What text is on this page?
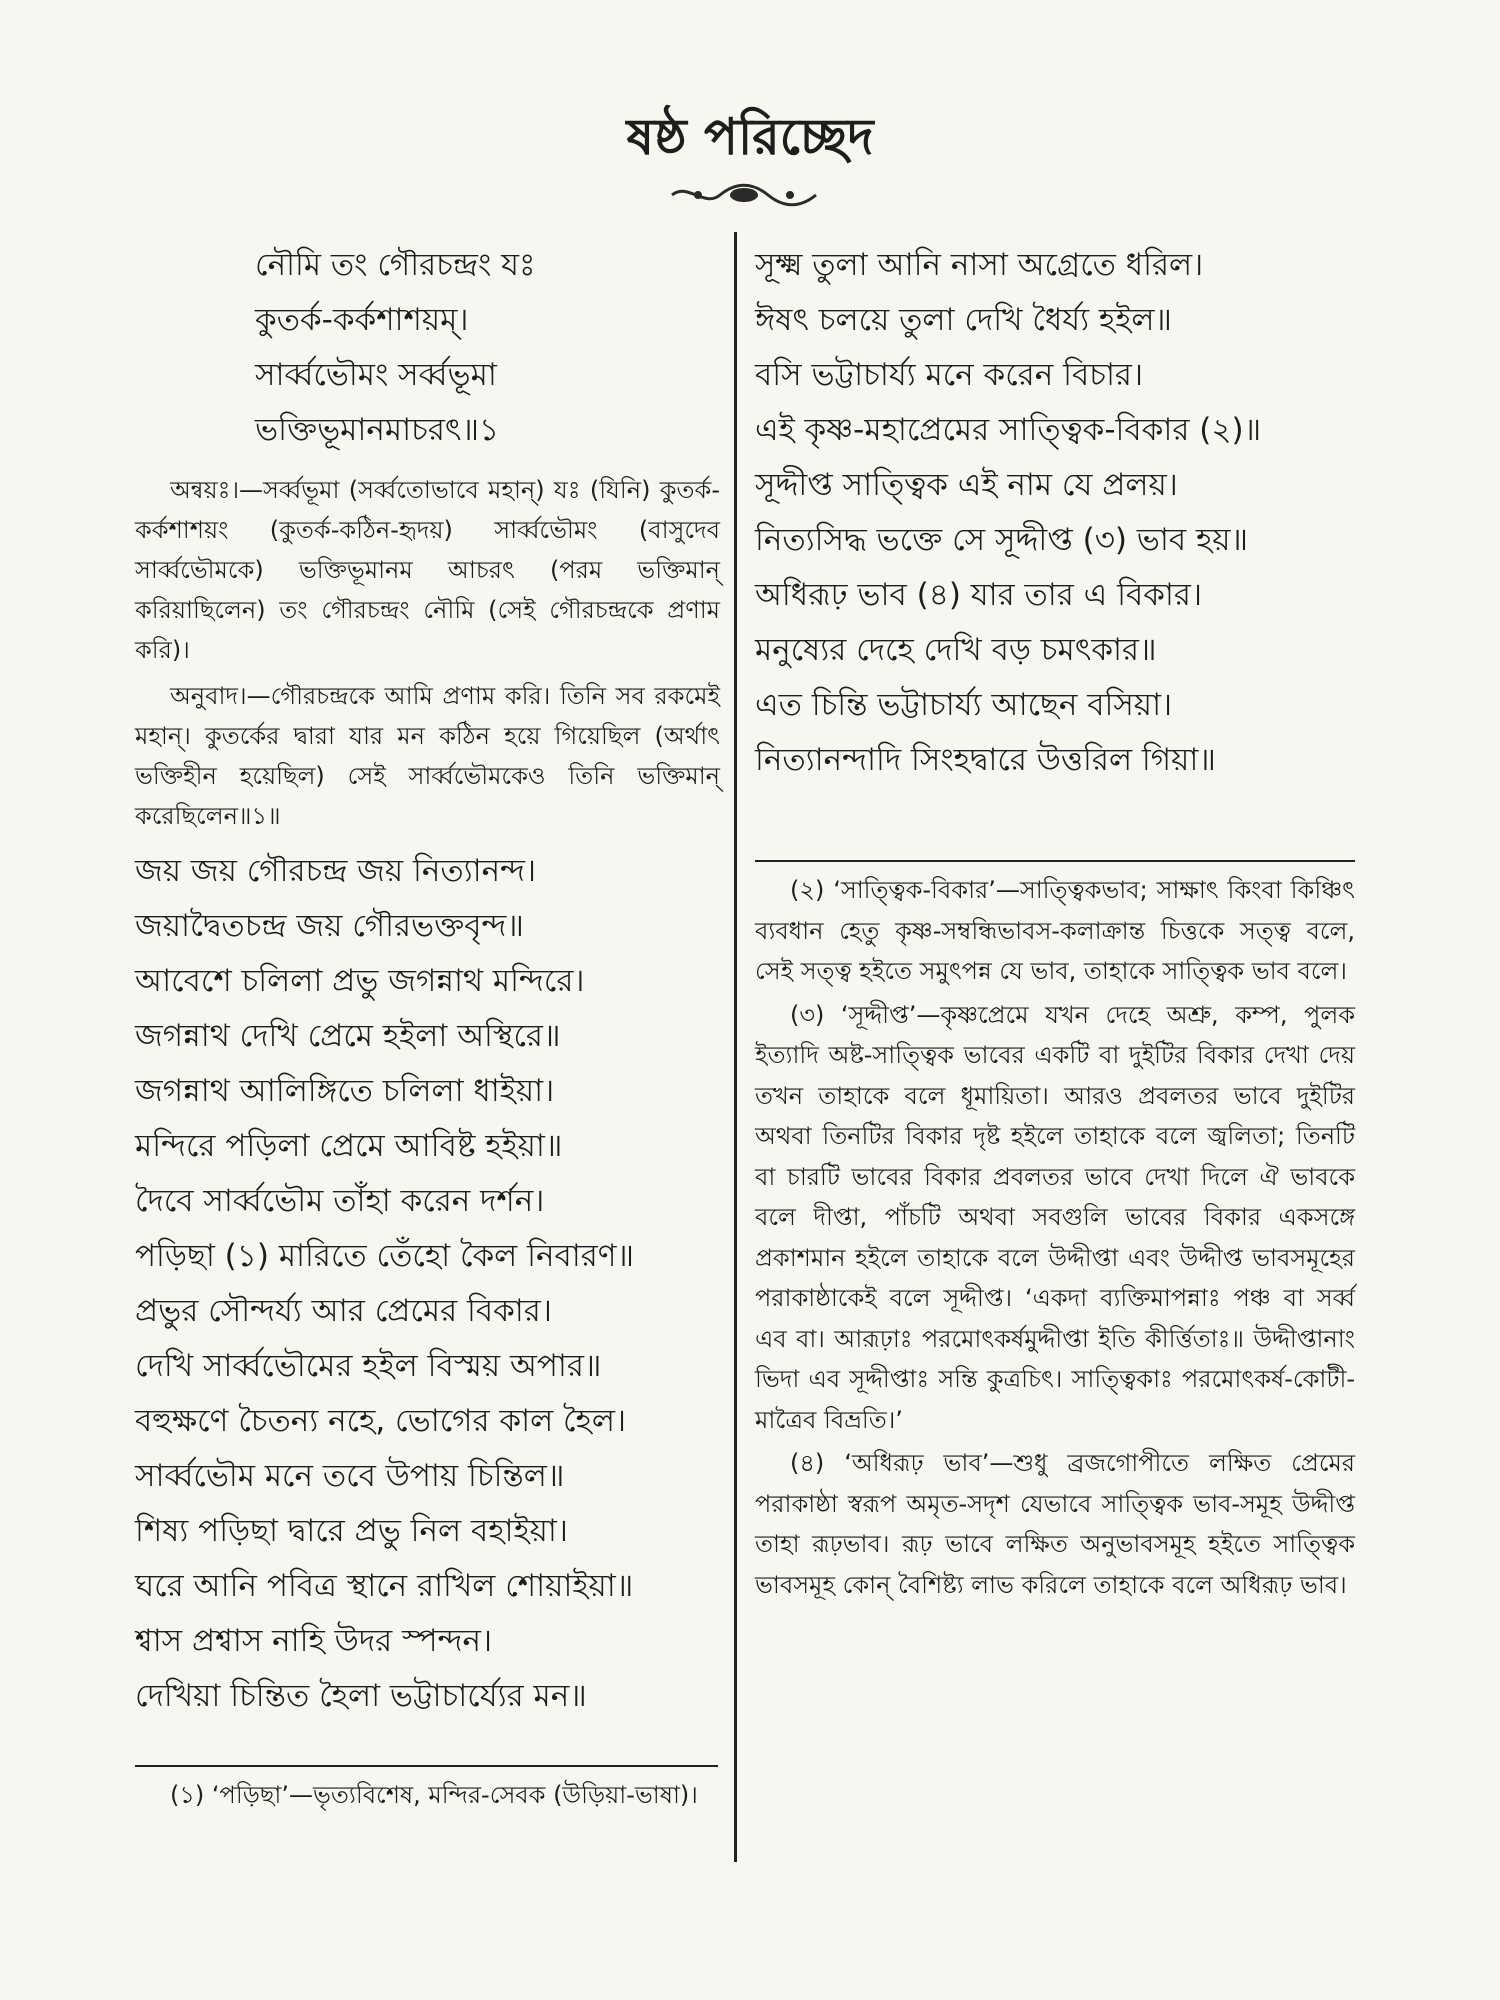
ষষ্ঠ পরিচ্ছেদ
নৌমি তং গৌরচন্দ্রং যঃ
কুতর্ক-কর্কশাশয়ম্।
সার্ব্বভৌমং সর্ব্বভূমা
ভক্তিভূমানমাচরৎ॥১

অন্বয়ঃ।—সর্ব্বভূমা (সর্ব্বতোভাবে মহান্) যঃ (যিনি) কুতর্ক-কর্কশাশয়ং (কুতর্ক-কঠিন-হৃদয়) সার্ব্বভৌমং (বাসুদেব সার্ব্বভৌমকে) ভক্তিভূমানম আচরৎ (পরম ভক্তিমান্ করিয়াছিলেন) তং গৌরচন্দ্রং নৌমি (সেই গৌরচন্দ্রকে প্রণাম করি)।

অনুবাদ।—গৌরচন্দ্রকে আমি প্রণাম করি। তিনি সব রকমেই মহান্। কুতর্কের দ্বারা যার মন কঠিন হয়ে গিয়েছিল (অর্থাৎ ভক্তিহীন হয়েছিল) সেই সার্ব্বভৌমকেও তিনি ভক্তিমান্ করেছিলেন॥১॥

জয় জয় গৌরচন্দ্র জয় নিত্যানন্দ।
জয়াদ্বৈতচন্দ্র জয় গৌরভক্তবৃন্দ॥
আবেশে চলিলা প্রভু জগন্নাথ মন্দিরে।
জগন্নাথ দেখি প্রেমে হইলা অস্থিরে॥
জগন্নাথ আলিঙ্গিতে চলিলা ধাইয়া।
মন্দিরে পড়িলা প্রেমে আবিষ্ট হইয়া॥
দৈবে সার্ব্বভৌম তাঁহা করেন দর্শন।
পড়িছা (১) মারিতে তেঁহো কৈল নিবারণ॥
প্রভুর সৌন্দর্য্য আর প্রেমের বিকার।
দেখি সার্ব্বভৌমের হইল বিস্ময় অপার॥
বহুক্ষণে চৈতন্য নহে, ভোগের কাল হৈল।
সার্ব্বভৌম মনে তবে উপায় চিন্তিল॥
শিষ্য পড়িছা দ্বারে প্রভু নিল বহাইয়া।
ঘরে আনি পবিত্র স্থানে রাখিল শোয়াইয়া॥
শ্বাস প্রশ্বাস নাহি উদর স্পন্দন।
দেখিয়া চিন্তিত হৈলা ভট্টাচার্য্যের মন॥
(১) ‘পড়িছা’—ভৃত্যবিশেষ, মন্দির-সেবক (উড়িয়া-ভাষা)।
সূক্ষ্ম তুলা আনি নাসা অগ্রেতে ধরিল।
ঈষৎ চলয়ে তুলা দেখি ধৈর্য্য হইল॥
বসি ভট্টাচার্য্য মনে করেন বিচার।
এই কৃষ্ণ-মহাপ্রেমের সাত্ত্বিক-বিকার (২)॥
সূদ্দীপ্ত সাত্ত্বিক এই নাম যে প্রলয়।
নিত্যসিদ্ধ ভক্তে সে সূদ্দীপ্ত (৩) ভাব হয়॥
অধিরূঢ় ভাব (৪) যার তার এ বিকার।
মনুষ্যের দেহে দেখি বড় চমৎকার॥
এত চিন্তি ভট্টাচার্য্য আছেন বসিয়া।
নিত্যানন্দাদি সিংহদ্বারে উত্তরিল গিয়া॥

(২) ‘সাত্ত্বিক-বিকার’—সাত্ত্বিকভাব; সাক্ষাৎ কিংবা কিঞ্চিৎ ব্যবধান হেতু কৃষ্ণ-সম্বন্ধিভাবস-কলাক্রান্ত চিত্তকে সত্ত্ব বলে, সেই সত্ত্ব হইতে সমুৎপন্ন যে ভাব, তাহাকে সাত্ত্বিক ভাব বলে।

(৩) ‘সূদ্দীপ্ত’—কৃষ্ণপ্রেমে যখন দেহে অশ্রু, কম্প, পুলক ইত্যাদি অষ্ট-সাত্ত্বিক ভাবের একটি বা দুইটির বিকার দেখা দেয় তখন তাহাকে বলে ধূমায়িতা। আরও প্রবলতর ভাবে দুইটির অথবা তিনটির বিকার দৃষ্ট হইলে তাহাকে বলে জ্বলিতা; তিনটি বা চারটি ভাবের বিকার প্রবলতর ভাবে দেখা দিলে ঐ ভাবকে বলে দীপ্তা, পাঁচটি অথবা সবগুলি ভাবের বিকার একসঙ্গে প্রকাশমান হইলে তাহাকে বলে উদ্দীপ্তা এবং উদ্দীপ্ত ভাবসমূহের পরাকাষ্ঠাকেই বলে সূদ্দীপ্ত। ‘একদা ব্যক্তিমাপন্নাঃ পঞ্চ বা সর্ব্ব এব বা। আরূঢ়াঃ পরমোৎকর্ষমুদ্দীপ্তা ইতি কীর্ত্তিতাঃ॥ উদ্দীপ্তানাং ভিদা এব সূদ্দীপ্তাঃ সন্তি কুত্রচিৎ। সাত্ত্বিকাঃ পরমোৎকর্ষ-কোটী-মাত্রৈব বিভ্রতি।’

(৪) ‘অধিরূঢ় ভাব’—শুধু ব্রজগোপীতে লক্ষিত প্রেমের পরাকাষ্ঠা স্বরূপ অমৃত-সদৃশ যেভাবে সাত্ত্বিক ভাব-সমূহ উদ্দীপ্ত তাহা রূঢ়ভাব। রূঢ় ভাবে লক্ষিত অনুভাবসমূহ হইতে সাত্ত্বিক ভাবসমূহ কোন্ বৈশিষ্ট্য লাভ করিলে তাহাকে বলে অধিরূঢ় ভাব।
